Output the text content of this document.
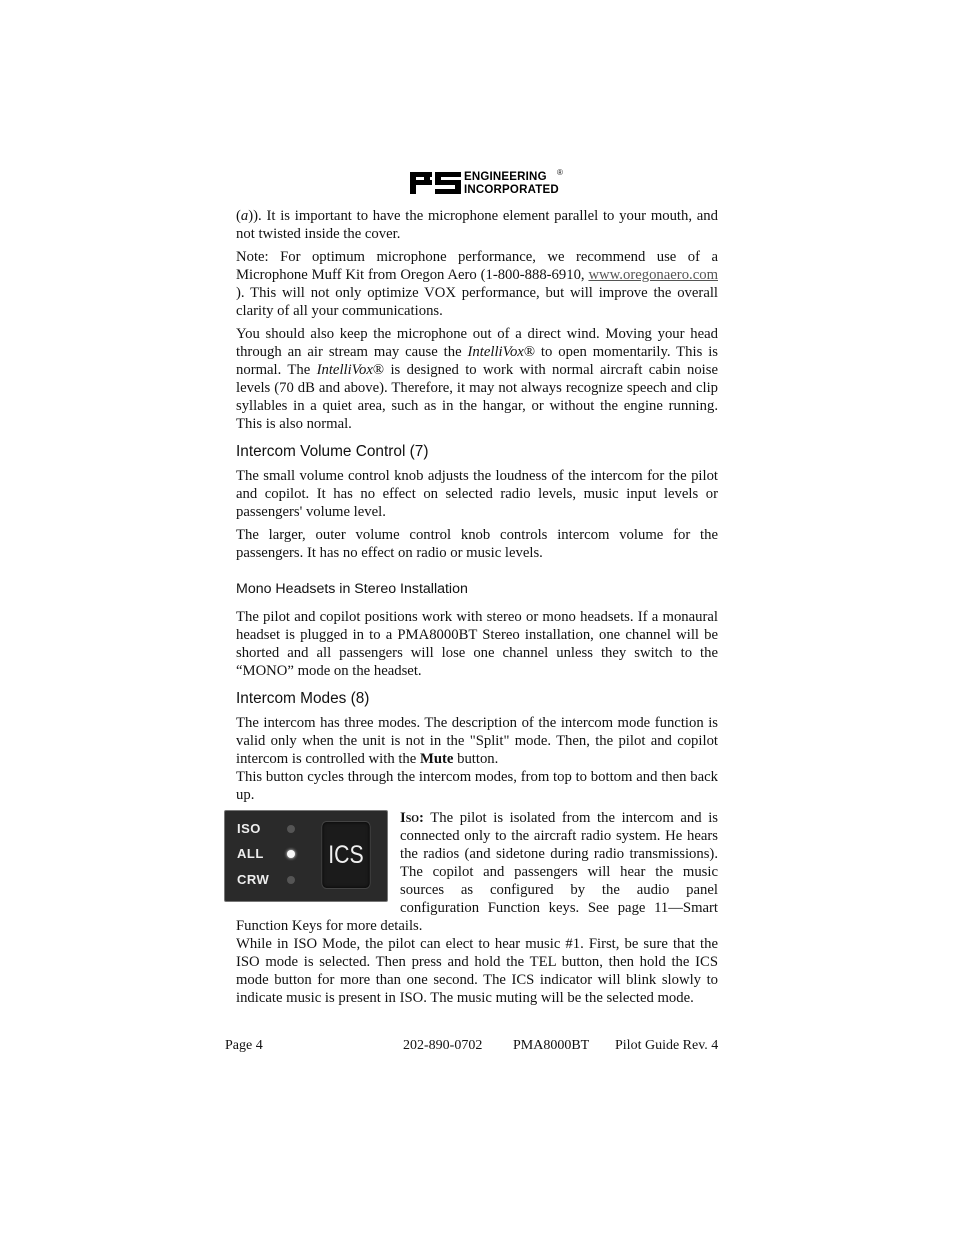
ENGINEERING
INCORPORATED
®

(a)). It is important to have the microphone element parallel to your mouth, and not twisted inside the cover.

Note: For optimum microphone performance, we recommend use of a Microphone Muff Kit from Oregon Aero (1-800-888-6910, www.oregonaero.com ). This will not only optimize VOX performance, but will improve the overall clarity of all your communications.

You should also keep the microphone out of a direct wind. Moving your head through an air stream may cause the IntelliVox® to open momentarily. This is normal. The IntelliVox® is designed to work with normal aircraft cabin noise levels (70 dB and above). Therefore, it may not always recognize speech and clip syllables in a quiet area, such as in the hangar, or without the engine running. This is also normal.

Intercom Volume Control (7)

The small volume control knob adjusts the loudness of the intercom for the pilot and copilot. It has no effect on selected radio levels, music input levels or passengers' volume level.

The larger, outer volume control knob controls intercom volume for the passengers. It has no effect on radio or music levels.

Mono Headsets in Stereo Installation

The pilot and copilot positions work with stereo or mono headsets. If a monaural headset is plugged in to a PMA8000BT Stereo installation, one channel will be shorted and all passengers will lose one channel unless they switch to the “MONO” mode on the headset.

Intercom Modes (8)

The intercom has three modes. The description of the intercom mode function is valid only when the unit is not in the "Split" mode. Then, the pilot and copilot intercom is controlled with the Mute button.

This button cycles through the intercom modes, from top to bottom and then back up.

ISO
ALL
CRW
ICS

Iso: The pilot is isolated from the intercom and is connected only to the aircraft radio system. He hears the radios (and sidetone during radio transmissions). The copilot and passengers will hear the music sources as configured by the audio panel configuration Function keys. See page 11—Smart Function Keys for more details.

While in ISO Mode, the pilot can elect to hear music #1. First, be sure that the ISO mode is selected. Then press and hold the TEL button, then hold the ICS mode button for more than one second. The ICS indicator will blink slowly to indicate music is present in ISO. The music muting will be the selected mode.

Page 4	202-890-0702 PMA8000BT Pilot Guide Rev. 4
